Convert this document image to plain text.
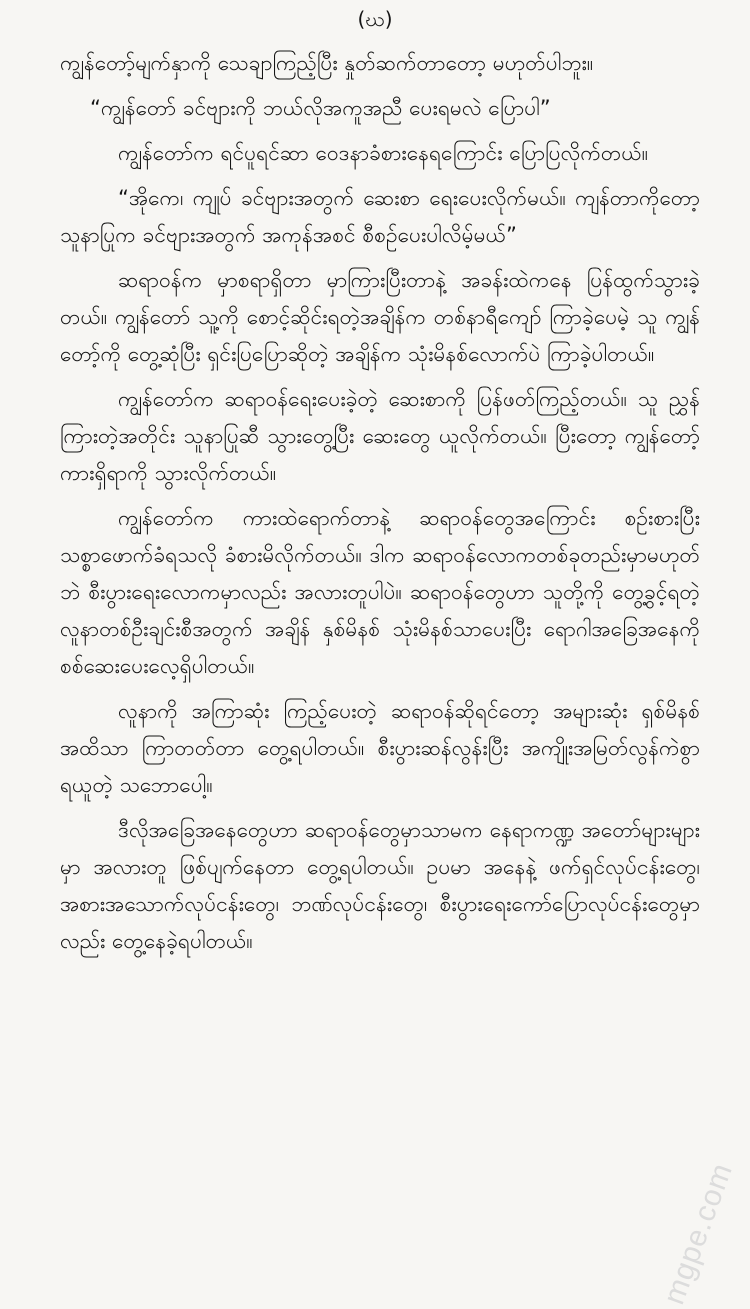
(ဃ)

ကျွန်တော့်မျက်နှာကို သေချာကြည့်ပြီး နှုတ်ဆက်တာတော့ မဟုတ်ပါဘူး။

“ကျွန်တော် ခင်ဗျားကို ဘယ်လိုအကူအညီ ပေးရမလဲ ပြောပါ”

ကျွန်တော်က ရင်ပူရင်ဆာ ဝေဒနာခံစားနေရကြောင်း ပြောပြလိုက်တယ်။

“အိုကေ၊ ကျုပ် ခင်ဗျားအတွက် ဆေးစာ ရေးပေးလိုက်မယ်။ ကျန်တာကိုတော့ သူနာပြုက ခင်ဗျားအတွက် အကုန်အစင် စီစဉ်ပေးပါလိမ့်မယ်”

ဆရာဝန်က မှာစရာရှိတာ မှာကြားပြီးတာနဲ့ အခန်းထဲကနေ ပြန်ထွက်သွားခဲ့တယ်။ ကျွန်တော် သူ့ကို စောင့်ဆိုင်းရတဲ့အချိန်က တစ်နာရီကျော် ကြာခဲ့ပေမဲ့ သူ ကျွန်တော့်ကို တွေ့ဆုံပြီး ရှင်းပြပြောဆိုတဲ့ အချိန်က သုံးမိနစ်လောက်ပဲ ကြာခဲ့ပါတယ်။

ကျွန်တော်က ဆရာဝန်ရေးပေးခဲ့တဲ့ ဆေးစာကို ပြန်ဖတ်ကြည့်တယ်။ သူ ညွှန်ကြားတဲ့အတိုင်း သူနာပြုဆီ သွားတွေ့ပြီး ဆေးတွေ ယူလိုက်တယ်။ ပြီးတော့ ကျွန်တော့်ကားရှိရာကို သွားလိုက်တယ်။

ကျွန်တော်က ကားထဲရောက်တာနဲ့ ဆရာဝန်တွေအကြောင်း စဉ်းစားပြီး သစ္စာဖောက်ခံရသလို ခံစားမိလိုက်တယ်။ ဒါက ဆရာဝန်လောကတစ်ခုတည်းမှာမဟုတ်ဘဲ စီးပွားရေးလောကမှာလည်း အလားတူပါပဲ။ ဆရာဝန်တွေဟာ သူတို့ကို တွေ့ခွင့်ရတဲ့ လူနာတစ်ဦးချင်းစီအတွက် အချိန် နှစ်မိနစ် သုံးမိနစ်သာပေးပြီး ရောဂါအခြေအနေကို စစ်ဆေးပေးလေ့ရှိပါတယ်။

လူနာကို အကြာဆုံး ကြည့်ပေးတဲ့ ဆရာဝန်ဆိုရင်တော့ အများဆုံး ရှစ်မိနစ်အထိသာ ကြာတတ်တာ တွေ့ရပါတယ်။ စီးပွားဆန်လွန်းပြီး အကျိုးအမြတ်လွန်ကဲစွာ ရယူတဲ့ သဘောပေါ့။

ဒီလိုအခြေအနေတွေဟာ ဆရာဝန်တွေမှာသာမက နေရာကဏ္ဍ အတော်များများမှာ အလားတူ ဖြစ်ပျက်နေတာ တွေ့ရပါတယ်။ ဥပမာ အနေနဲ့ ဖက်ရှင်လုပ်ငန်းတွေ၊ အစားအသောက်လုပ်ငန်းတွေ၊ ဘဏ်လုပ်ငန်းတွေ၊ စီးပွားရေးကော်ပြောလုပ်ငန်းတွေမှာလည်း တွေ့နေခဲ့ရပါတယ်။

mgpe.com
